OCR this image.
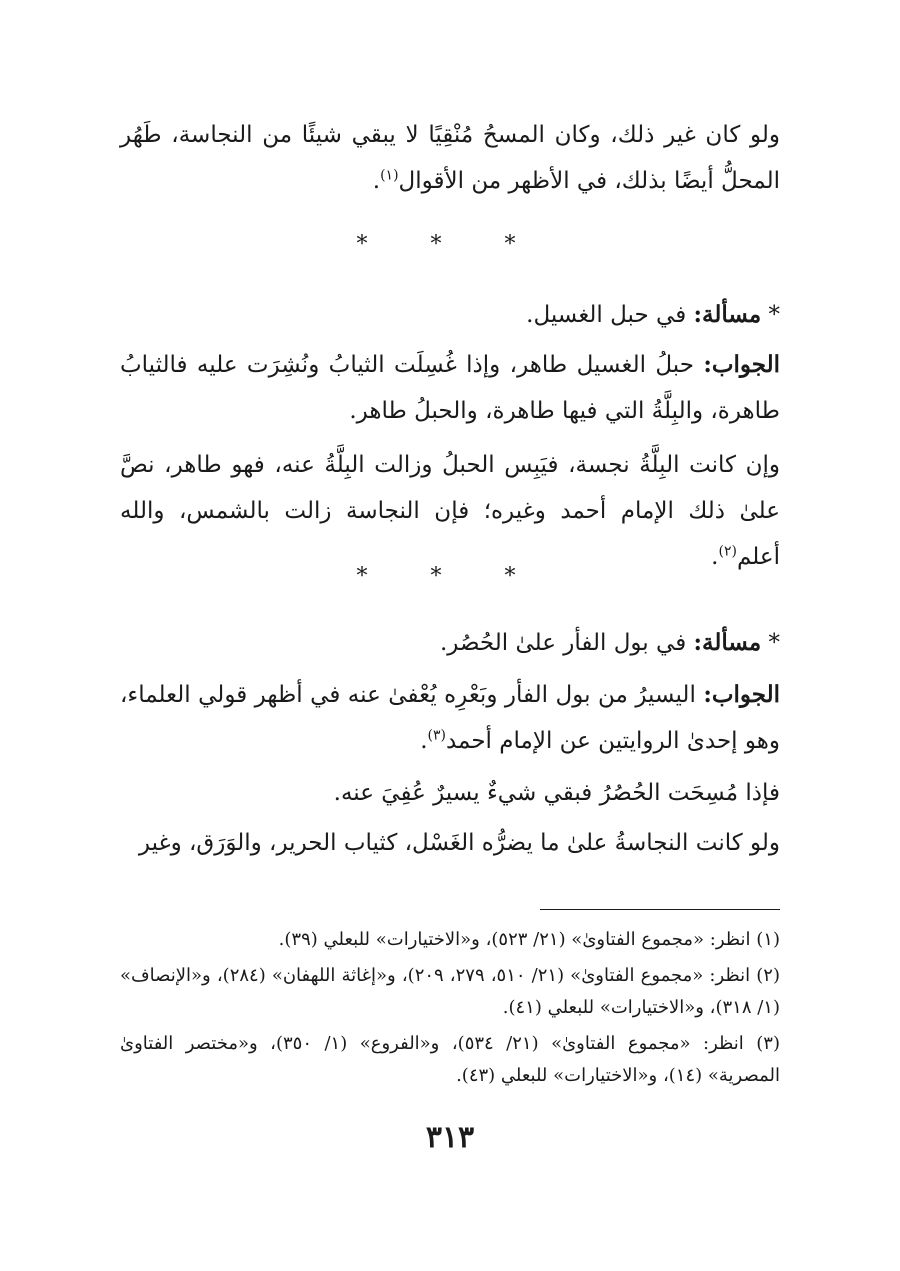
ولو كان غير ذلك، وكان المسحُ مُنْقِيًا لا يبقي شيئًا من النجاسة، طَهُر المحلُّ أيضًا بذلك، في الأظهر من الأقوال$^{(١)}$.
* * *
* مسألة: في حبل الغسيل.
الجواب: حبلُ الغسيل طاهر، وإذا غُسِلَت الثيابُ ونُشِرَت عليه فالثيابُ طاهرة، والبِلَّةُ التي فيها طاهرة، والحبلُ طاهر.
وإن كانت البِلَّةُ نجسة، فيَبِس الحبلُ وزالت البِلَّةُ عنه، فهو طاهر، نصَّ علىٰ ذلك الإمام أحمد وغيره؛ فإن النجاسة زالت بالشمس، والله أعلم$^{(٢)}$.
* * *
* مسألة: في بول الفأر علىٰ الحُصُر.
الجواب: اليسيرُ من بول الفأر وبَعْرِه يُعْفىٰ عنه في أظهر قولي العلماء، وهو إحدىٰ الروايتين عن الإمام أحمد$^{(٣)}$.
فإذا مُسِحَت الحُصُرُ فبقي شيءٌ يسيرٌ عُفِيَ عنه.
ولو كانت النجاسةُ علىٰ ما يضرُّه الغَسْل، كثياب الحرير، والوَرَق، وغير

(١) انظر: «مجموع الفتاوىٰ» (٢١/ ٥٢٣)، و«الاختيارات» للبعلي (٣٩).

(٢) انظر: «مجموع الفتاوىٰ» (٢١/ ٥١٠، ٢٧٩، ٢٠٩)، و«إغاثة اللهفان» (٢٨٤)، و«الإنصاف» (١/ ٣١٨)، و«الاختيارات» للبعلي (٤١).

(٣) انظر: «مجموع الفتاوىٰ» (٢١/ ٥٣٤)، و«الفروع» (١/ ٣٥٠)، و«مختصر الفتاوىٰ المصرية» (١٤)، و«الاختيارات» للبعلي (٤٣).

٣١٣
